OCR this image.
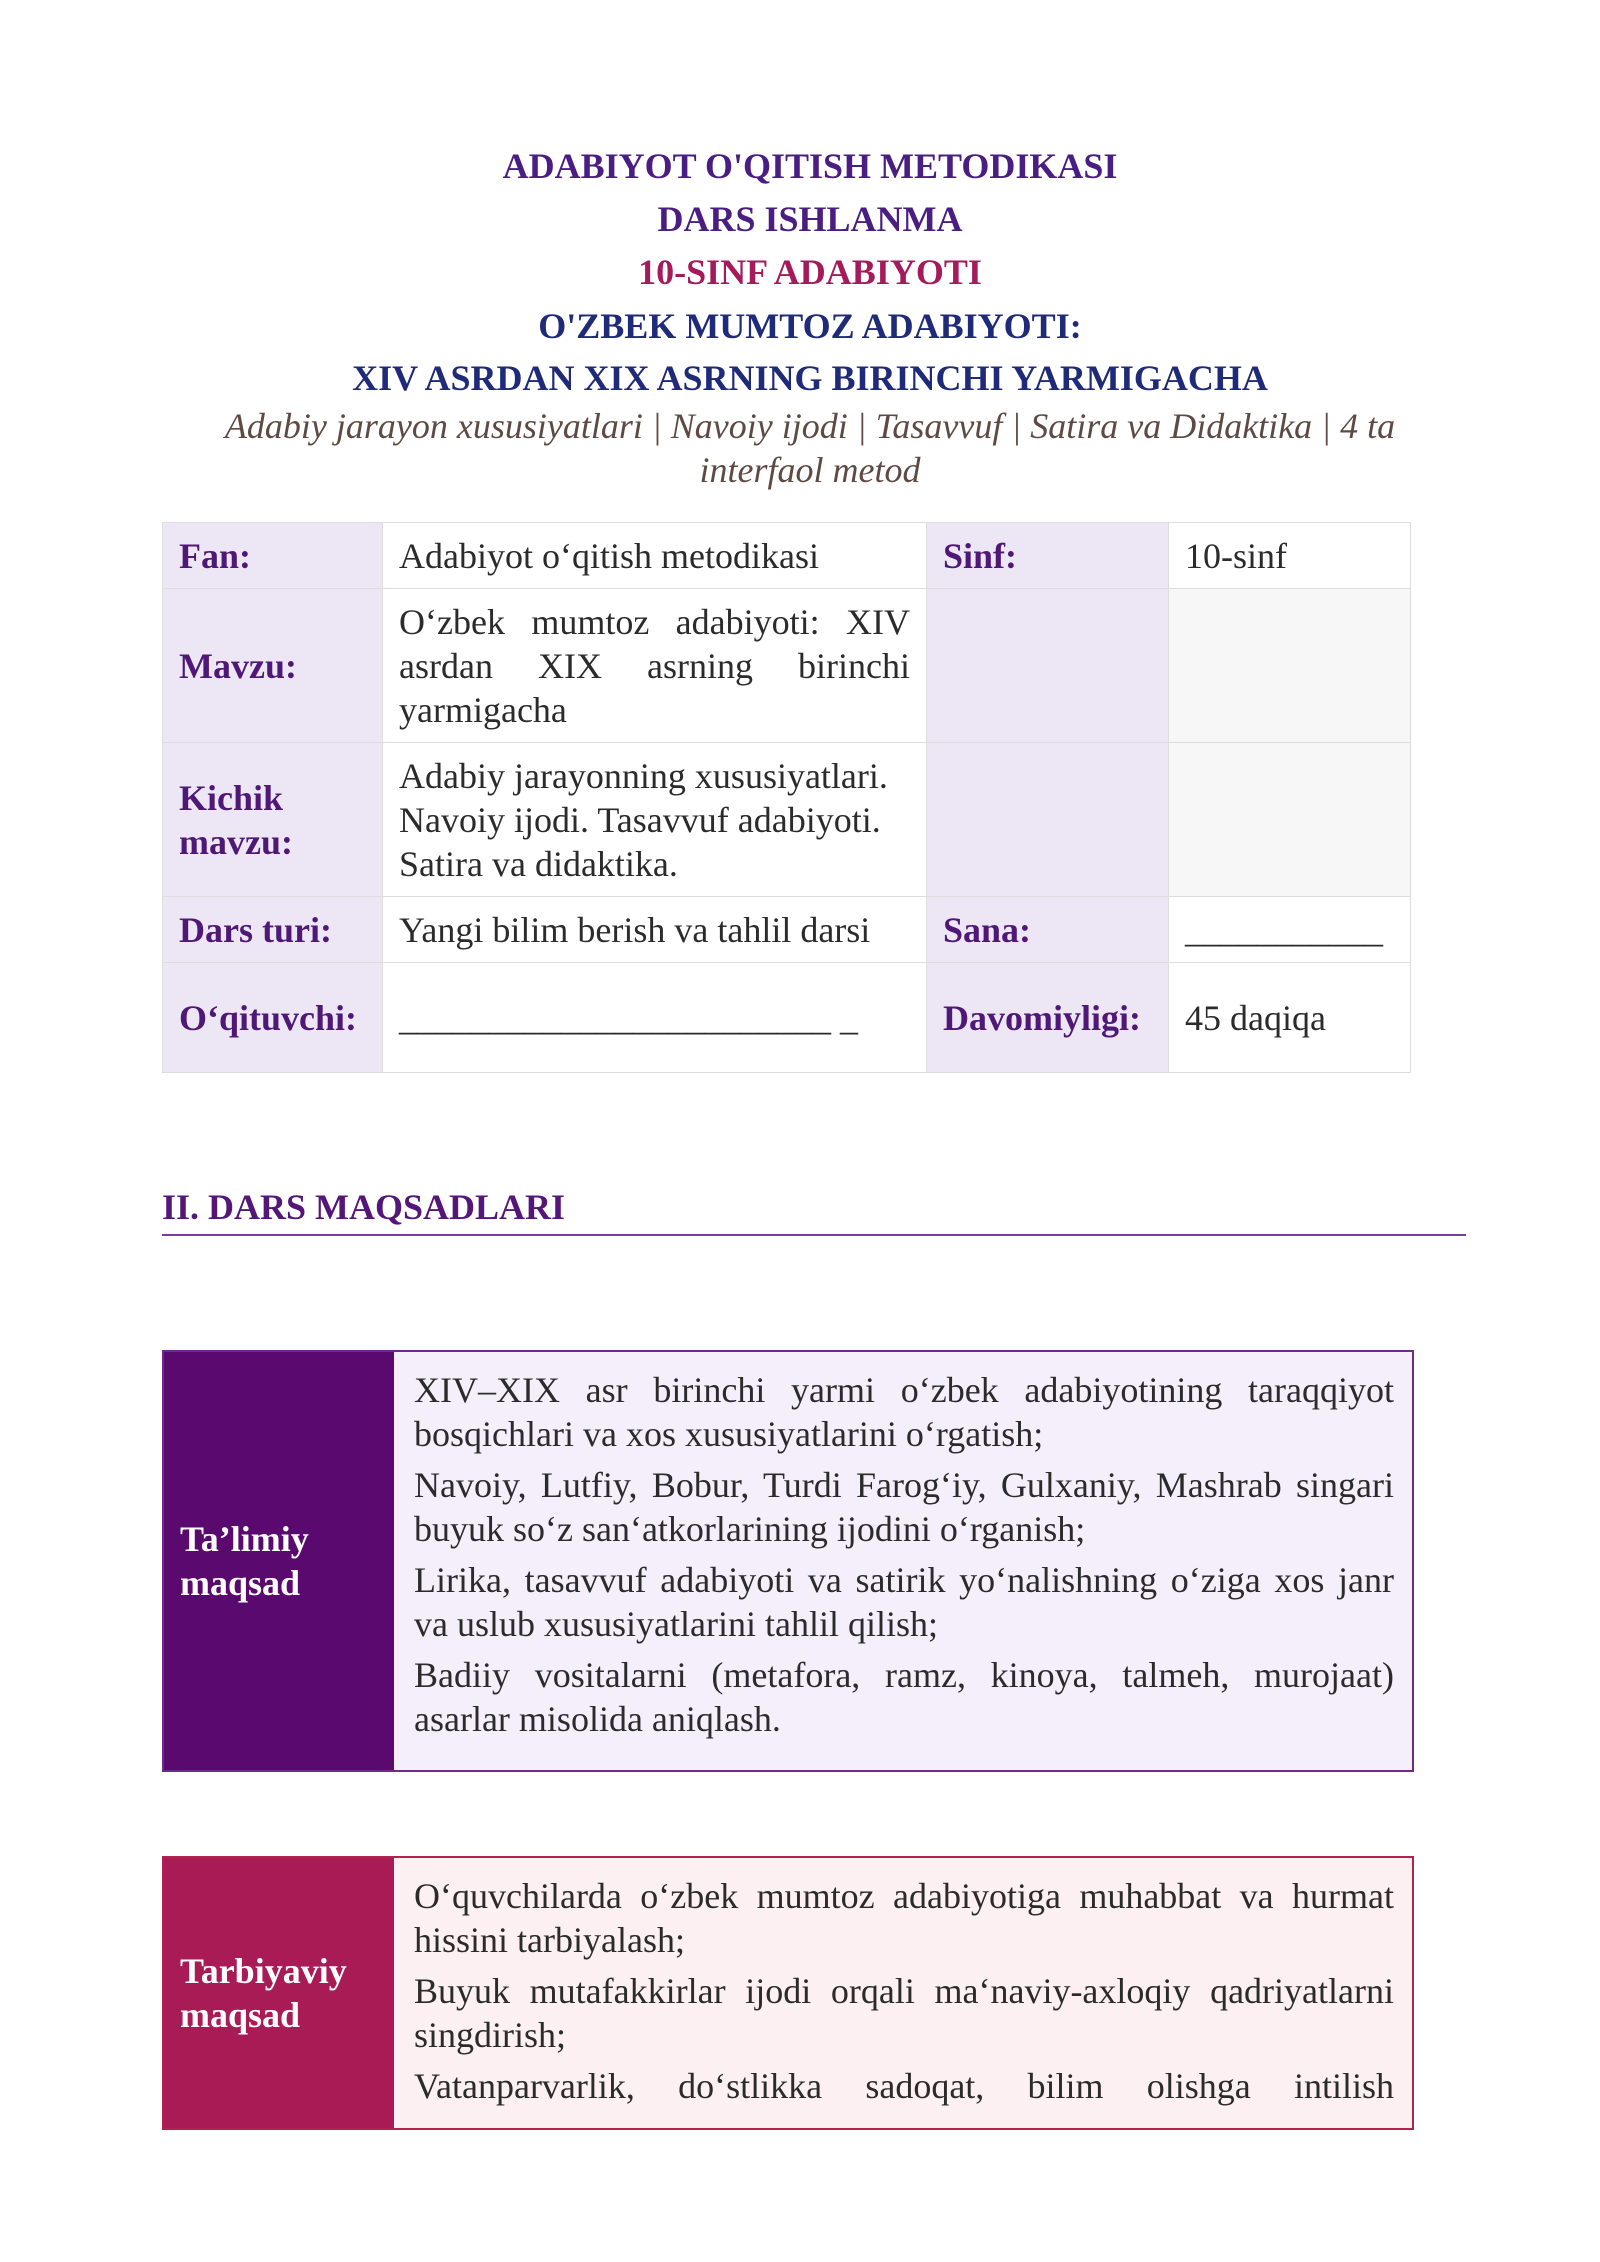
ADABIYOT O'QITISH METODIKASI
DARS ISHLANMA
10-SINF ADABIYOTI
O'ZBEK MUMTOZ ADABIYOTI:
XIV ASRDAN XIX ASRNING BIRINCHI YARMIGACHA
Adabiy jarayon xususiyatlari | Navoiy ijodi | Tasavvuf | Satira va Didaktika | 4 ta interfaol metod
Fan:	Adabiyot o‘qitish metodikasi	Sinf:	10-sinf
Mavzu:	O‘zbek mumtoz adabiyoti: XIV asrdan XIX asrning birinchi yarmigacha		
Kichik mavzu:	Adabiy jarayonning xususiyatlari. Navoiy ijodi. Tasavvuf adabiyoti. Satira va didaktika.		
Dars turi:	Yangi bilim berish va tahlil darsi	Sana:	___________
O‘qituvchi:	________________________ _	Davomiyligi:	45 daqiqa
II. DARS MAQSADLARI
Ta’limiy maqsad

XIV–XIX asr birinchi yarmi o‘zbek adabiyotining taraqqiyot bosqichlari va xos xususiyatlarini o‘rgatish;

Navoiy, Lutfiy, Bobur, Turdi Farog‘iy, Gulxaniy, Mashrab singari buyuk so‘z san‘atkorlarining ijodini o‘rganish;

Lirika, tasavvuf adabiyoti va satirik yo‘nalishning o‘ziga xos janr va uslub xususiyatlarini tahlil qilish;

Badiiy vositalarni (metafora, ramz, kinoya, talmeh, murojaat) asarlar misolida aniqlash.

Tarbiyaviy maqsad

O‘quvchilarda o‘zbek mumtoz adabiyotiga muhabbat va hurmat hissini tarbiyalash;

Buyuk mutafakkirlar ijodi orqali ma‘naviy-axloqiy qadriyatlarni singdirish;

Vatanparvarlik, do‘stlikka sadoqat, bilim olishga intilish
